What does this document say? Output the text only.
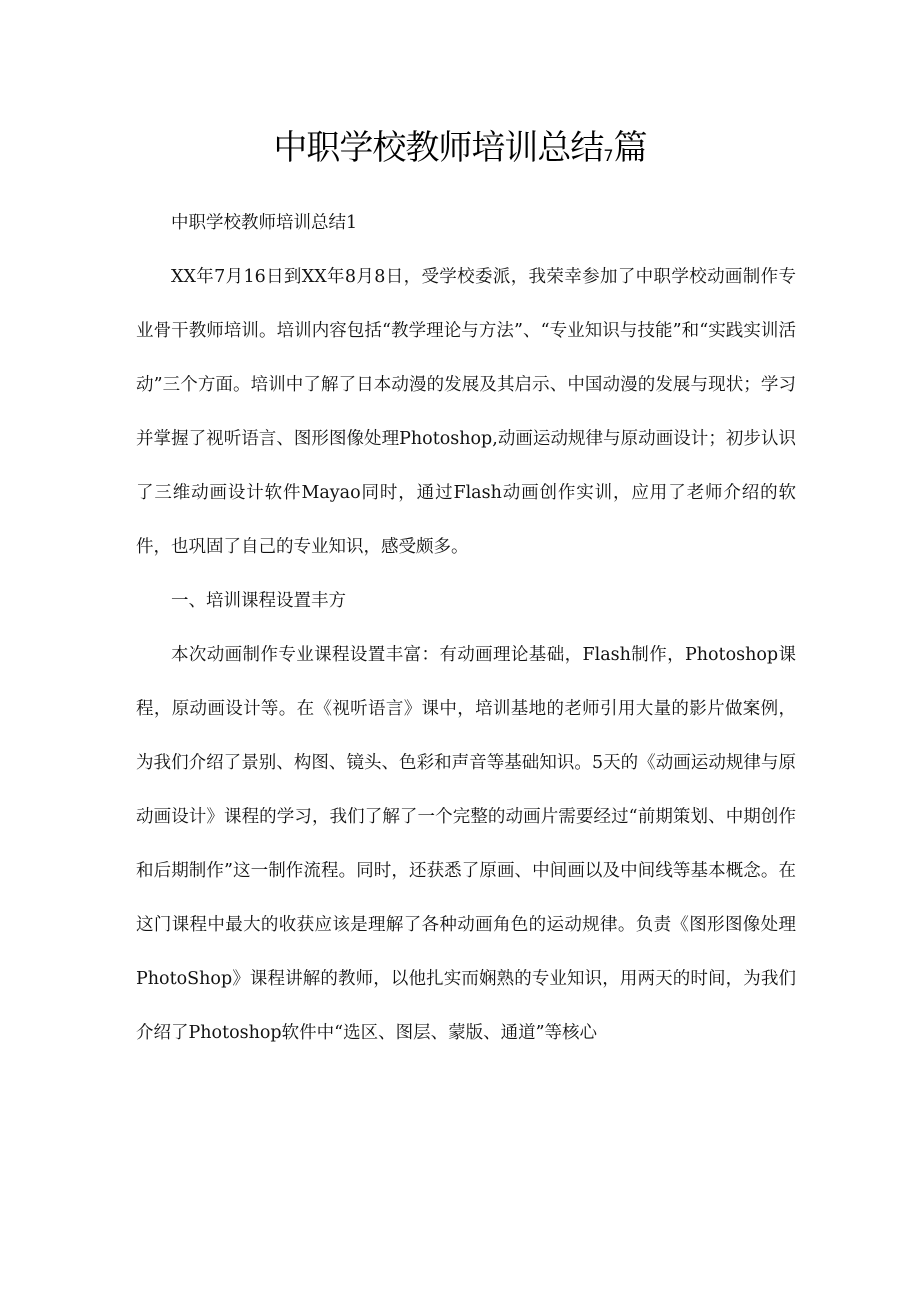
中职学校教师培训总结7篇

中职学校教师培训总结1

XX年7月16日到XX年8月8日，受学校委派，我荣幸参加了中职学校动画制作专业骨干教师培训。培训内容包括“教学理论与方法”、“专业知识与技能”和“实践实训活动”三个方面。培训中了解了日本动漫的发展及其启示、中国动漫的发展与现状；学习并掌握了视听语言、图形图像处理Photoshop,动画运动规律与原动画设计；初步认识了三维动画设计软件Mayao同时，通过Flash动画创作实训，应用了老师介绍的软件，也巩固了自己的专业知识，感受颇多。

一、培训课程设置丰方

本次动画制作专业课程设置丰富：有动画理论基础，Flash制作，Photoshop课程，原动画设计等。在《视听语言》课中，培训基地的老师引用大量的影片做案例，为我们介绍了景别、构图、镜头、色彩和声音等基础知识。5天的《动画运动规律与原动画设计》课程的学习，我们了解了一个完整的动画片需要经过“前期策划、中期创作和后期制作”这一制作流程。同时，还获悉了原画、中间画以及中间线等基本概念。在这门课程中最大的收获应该是理解了各种动画角色的运动规律。负责《图形图像处理PhotoShop》课程讲解的教师，以他扎实而娴熟的专业知识，用两天的时间，为我们介绍了Photoshop软件中“选区、图层、蒙版、通道”等核心
